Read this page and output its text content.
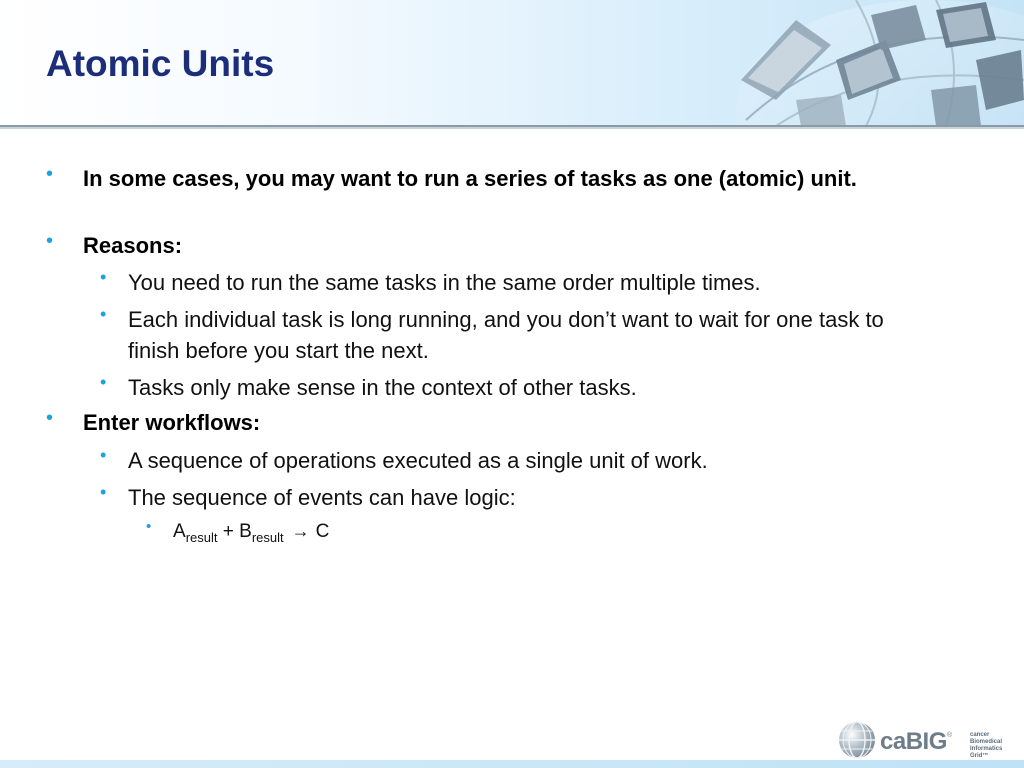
Atomic Units
• In some cases, you may want to run a series of tasks as one (atomic) unit.
• Reasons:
• You need to run the same tasks in the same order multiple times.
• Each individual task is long running, and you don’t want to wait for one task to finish before you start the next.
• Tasks only make sense in the context of other tasks.
• Enter workflows:
• A sequence of operations executed as a single unit of work.
• The sequence of events can have logic:
• $A_{result} + B_{result} \to C$
caBIG®	cancer Biomedical Informatics Grid™
